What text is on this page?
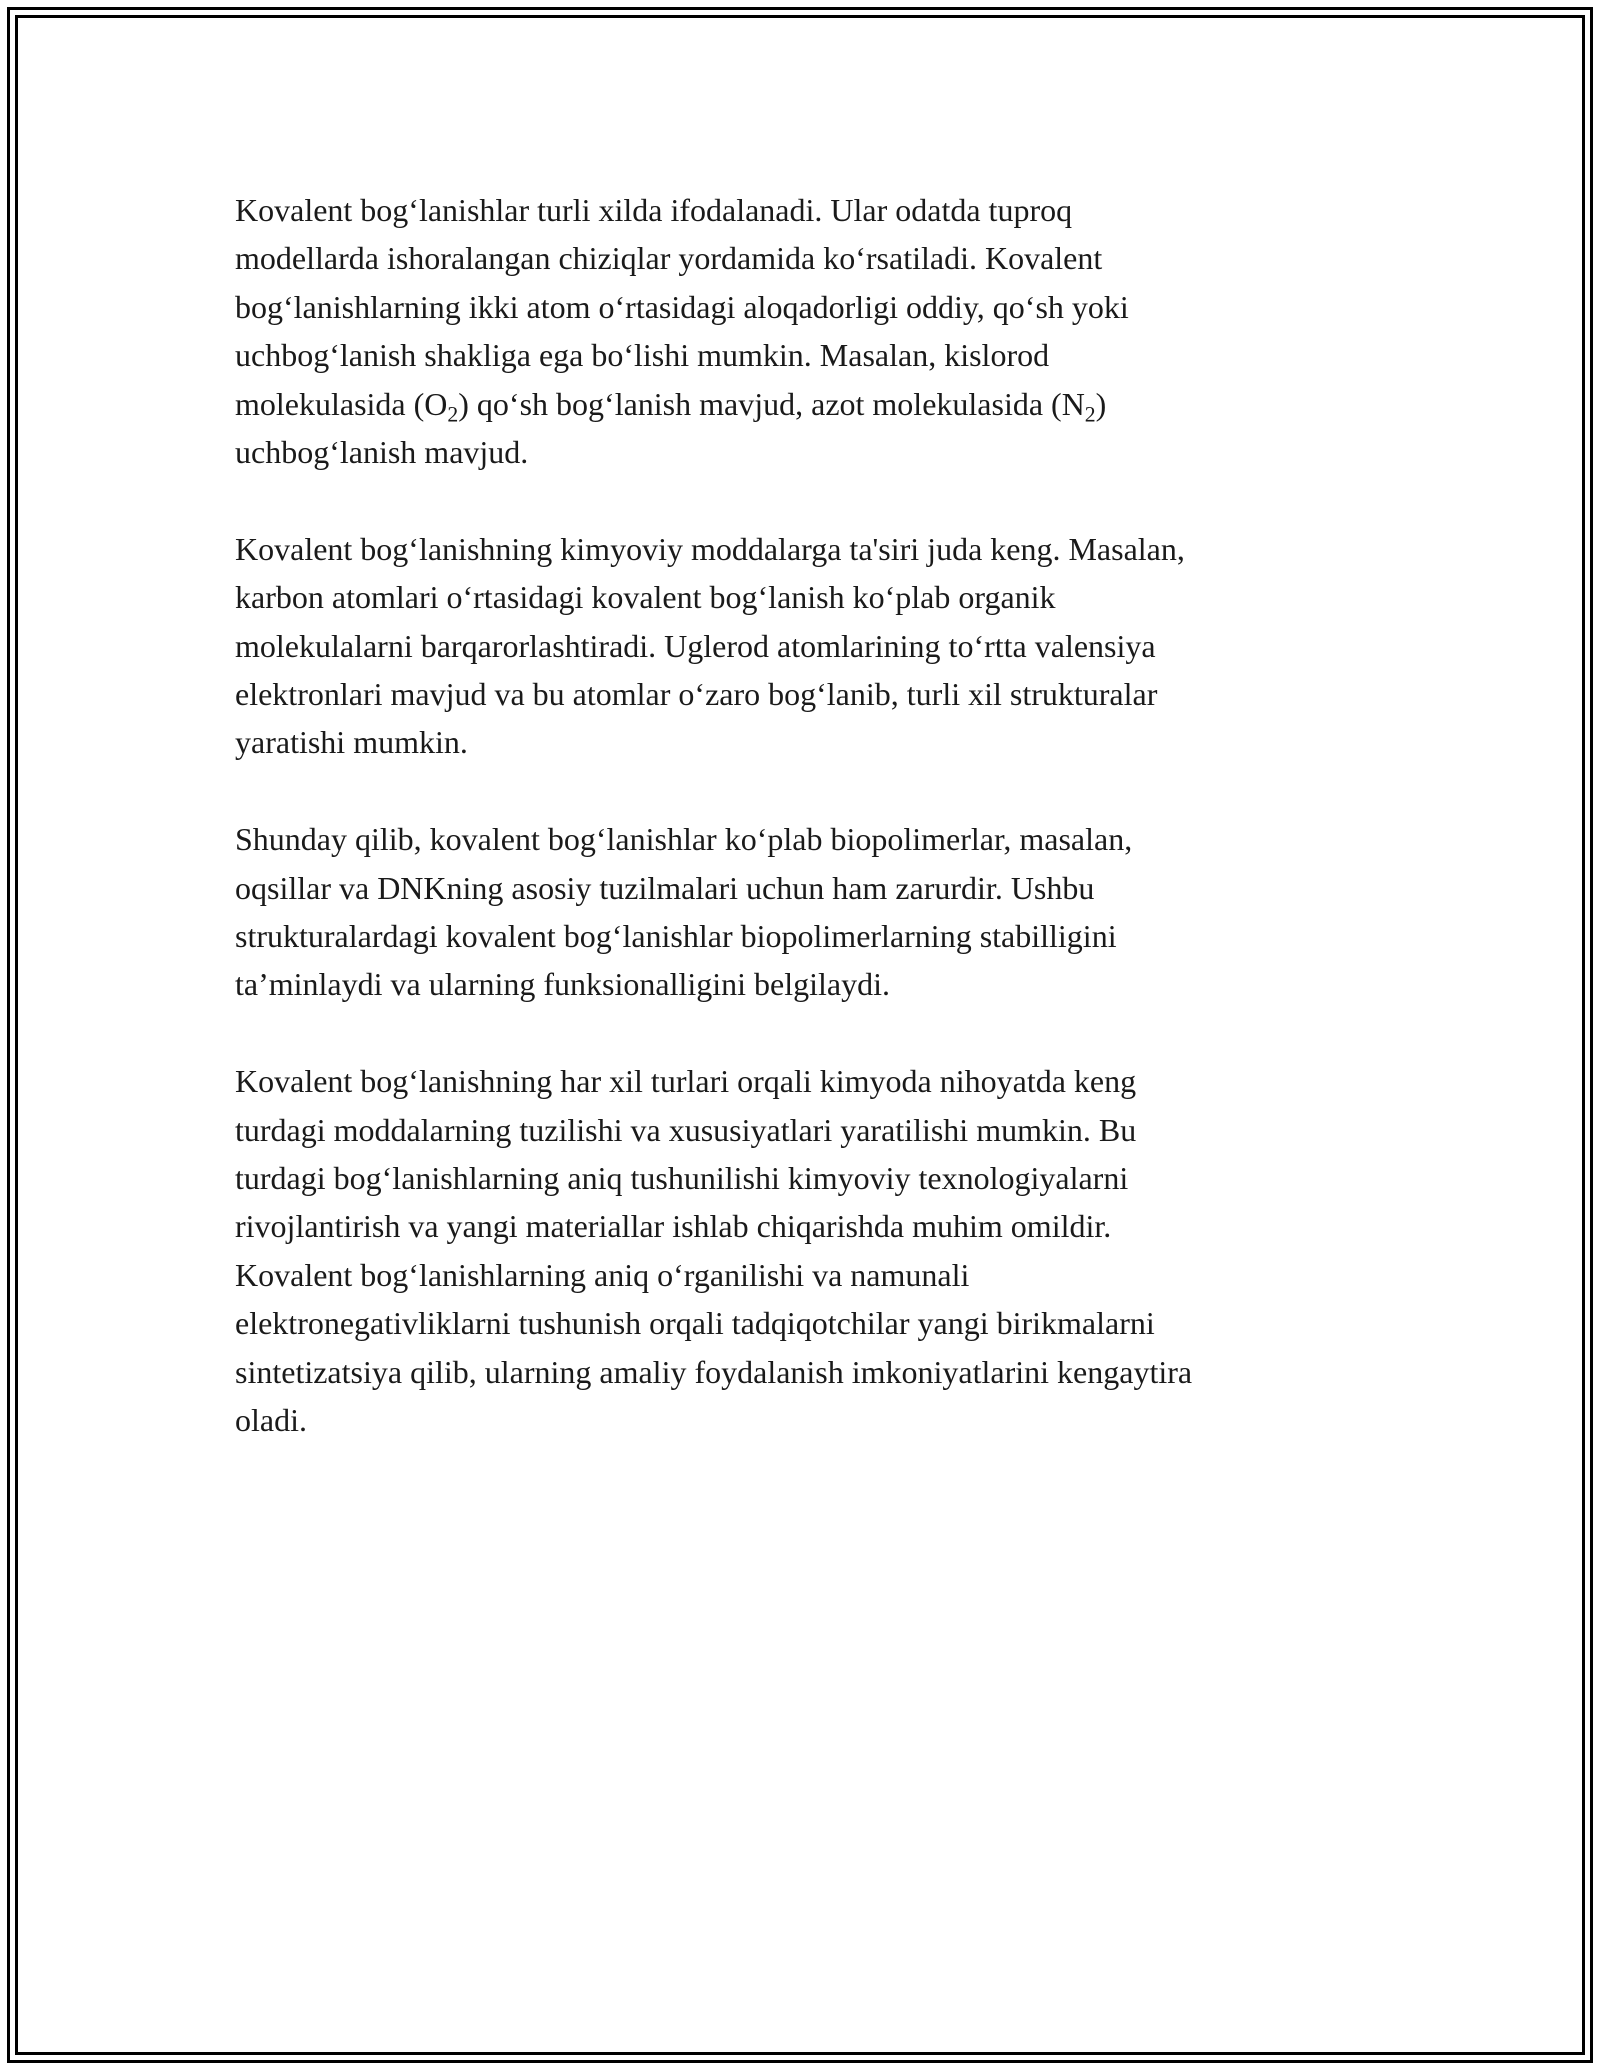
Kovalent bog‘lanishlar turli xilda ifodalanadi. Ular odatda tuproq
modellarda ishoralangan chiziqlar yordamida ko‘rsatiladi. Kovalent
bog‘lanishlarning ikki atom o‘rtasidagi aloqadorligi oddiy, qo‘sh yoki
uchbog‘lanish shakliga ega bo‘lishi mumkin. Masalan, kislorod
molekulasida $(O_2)$ qo‘sh bog‘lanish mavjud, azot molekulasida $(N_2)$
uchbog‘lanish mavjud.

Kovalent bog‘lanishning kimyoviy moddalarga ta'siri juda keng. Masalan,
karbon atomlari o‘rtasidagi kovalent bog‘lanish ko‘plab organik
molekulalarni barqarorlashtiradi. Uglerod atomlarining to‘rtta valensiya
elektronlari mavjud va bu atomlar o‘zaro bog‘lanib, turli xil strukturalar
yaratishi mumkin.

Shunday qilib, kovalent bog‘lanishlar ko‘plab biopolimerlar, masalan,
oqsillar va DNKning asosiy tuzilmalari uchun ham zarurdir. Ushbu
strukturalardagi kovalent bog‘lanishlar biopolimerlarning stabilligini
ta’minlaydi va ularning funksionalligini belgilaydi.

Kovalent bog‘lanishning har xil turlari orqali kimyoda nihoyatda keng
turdagi moddalarning tuzilishi va xususiyatlari yaratilishi mumkin. Bu
turdagi bog‘lanishlarning aniq tushunilishi kimyoviy texnologiyalarni
rivojlantirish va yangi materiallar ishlab chiqarishda muhim omildir.
Kovalent bog‘lanishlarning aniq o‘rganilishi va namunali
elektronegativliklarni tushunish orqali tadqiqotchilar yangi birikmalarni
sintetizatsiya qilib, ularning amaliy foydalanish imkoniyatlarini kengaytira
oladi.
